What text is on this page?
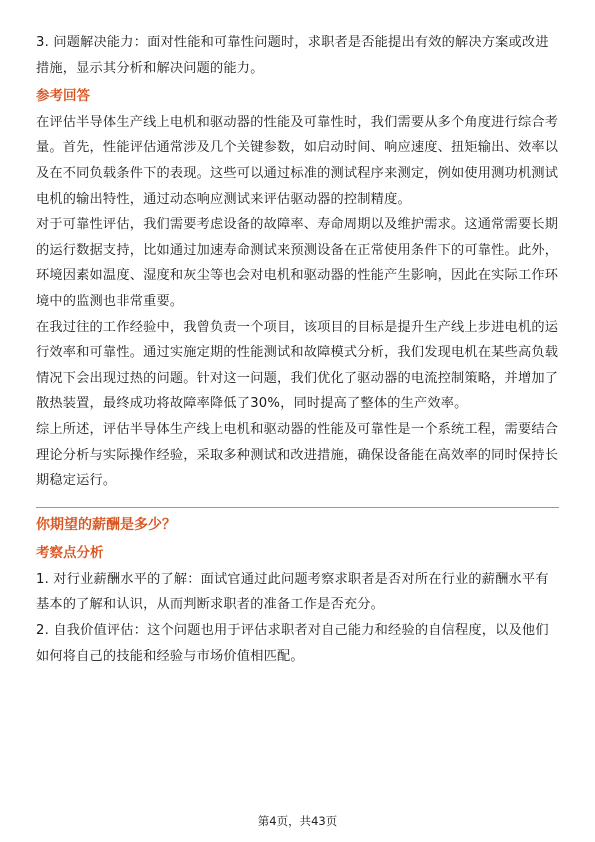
3. 问题解决能力：面对性能和可靠性问题时，求职者是否能提出有效的解决方案或改进措施，显示其分析和解决问题的能力。

参考回答

在评估半导体生产线上电机和驱动器的性能及可靠性时，我们需要从多个角度进行综合考量。首先，性能评估通常涉及几个关键参数，如启动时间、响应速度、扭矩输出、效率以及在不同负载条件下的表现。这些可以通过标准的测试程序来测定，例如使用测功机测试电机的输出特性，通过动态响应测试来评估驱动器的控制精度。

对于可靠性评估，我们需要考虑设备的故障率、寿命周期以及维护需求。这通常需要长期的运行数据支持，比如通过加速寿命测试来预测设备在正常使用条件下的可靠性。此外，环境因素如温度、湿度和灰尘等也会对电机和驱动器的性能产生影响，因此在实际工作环境中的监测也非常重要。

在我过往的工作经验中，我曾负责一个项目，该项目的目标是提升生产线上步进电机的运行效率和可靠性。通过实施定期的性能测试和故障模式分析，我们发现电机在某些高负载情况下会出现过热的问题。针对这一问题，我们优化了驱动器的电流控制策略，并增加了散热装置，最终成功将故障率降低了30%，同时提高了整体的生产效率。

综上所述，评估半导体生产线上电机和驱动器的性能及可靠性是一个系统工程，需要结合理论分析与实际操作经验，采取多种测试和改进措施，确保设备能在高效率的同时保持长期稳定运行。

你期望的薪酬是多少？
考察点分析

1. 对行业薪酬水平的了解：面试官通过此问题考察求职者是否对所在行业的薪酬水平有基本的了解和认识，从而判断求职者的准备工作是否充分。

2. 自我价值评估：这个问题也用于评估求职者对自己能力和经验的自信程度，以及他们如何将自己的技能和经验与市场价值相匹配。

第4页，共43页
